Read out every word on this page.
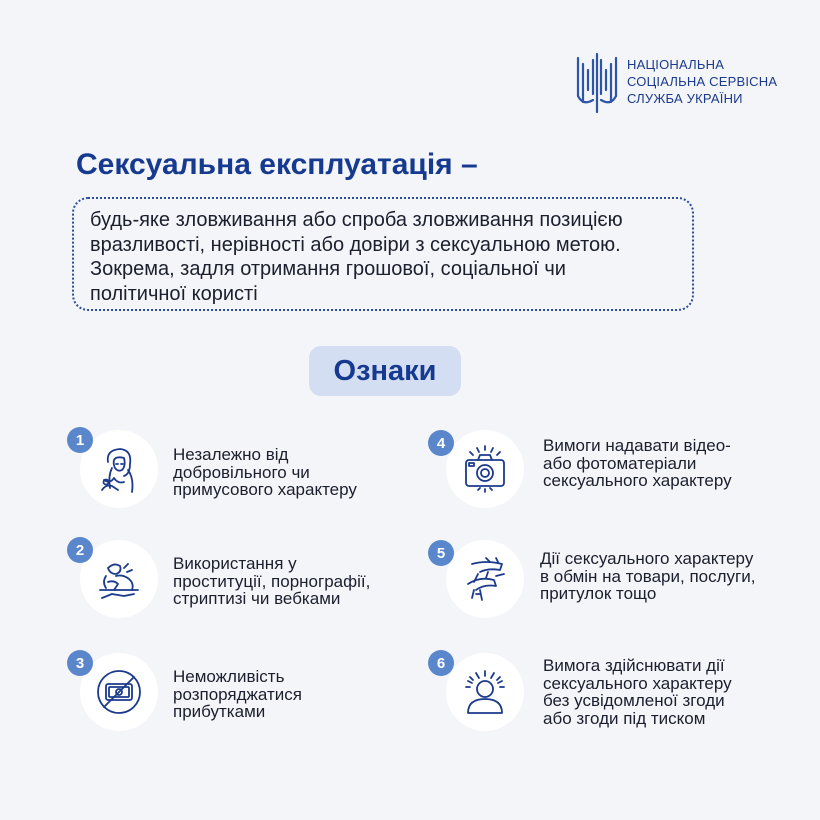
НАЦІОНАЛЬНА
СОЦІАЛЬНА СЕРВІСНА
СЛУЖБА УКРАЇНИ
Сексуальна експлуатація –
будь-яке зловживання або спроба зловживання позицією вразливості, нерівності або довіри з сексуальною метою. Зокрема, задля отримання грошової, соціальної чи політичної користі
Ознаки
1
Незалежно від
добровільного чи
примусового характеру
2
Використання у
проституції, порнографії,
стриптизі чи вебками
3
Неможливість
розпоряджатися
прибутками
4	Вимоги надавати відео-
або фотоматеріали
сексуального характеру
5	Дії сексуального характеру
в обмін на товари, послуги,
притулок тощо
6	Вимога здійснювати дії
сексуального характеру
без усвідомленої згоди
або згоди під тиском
